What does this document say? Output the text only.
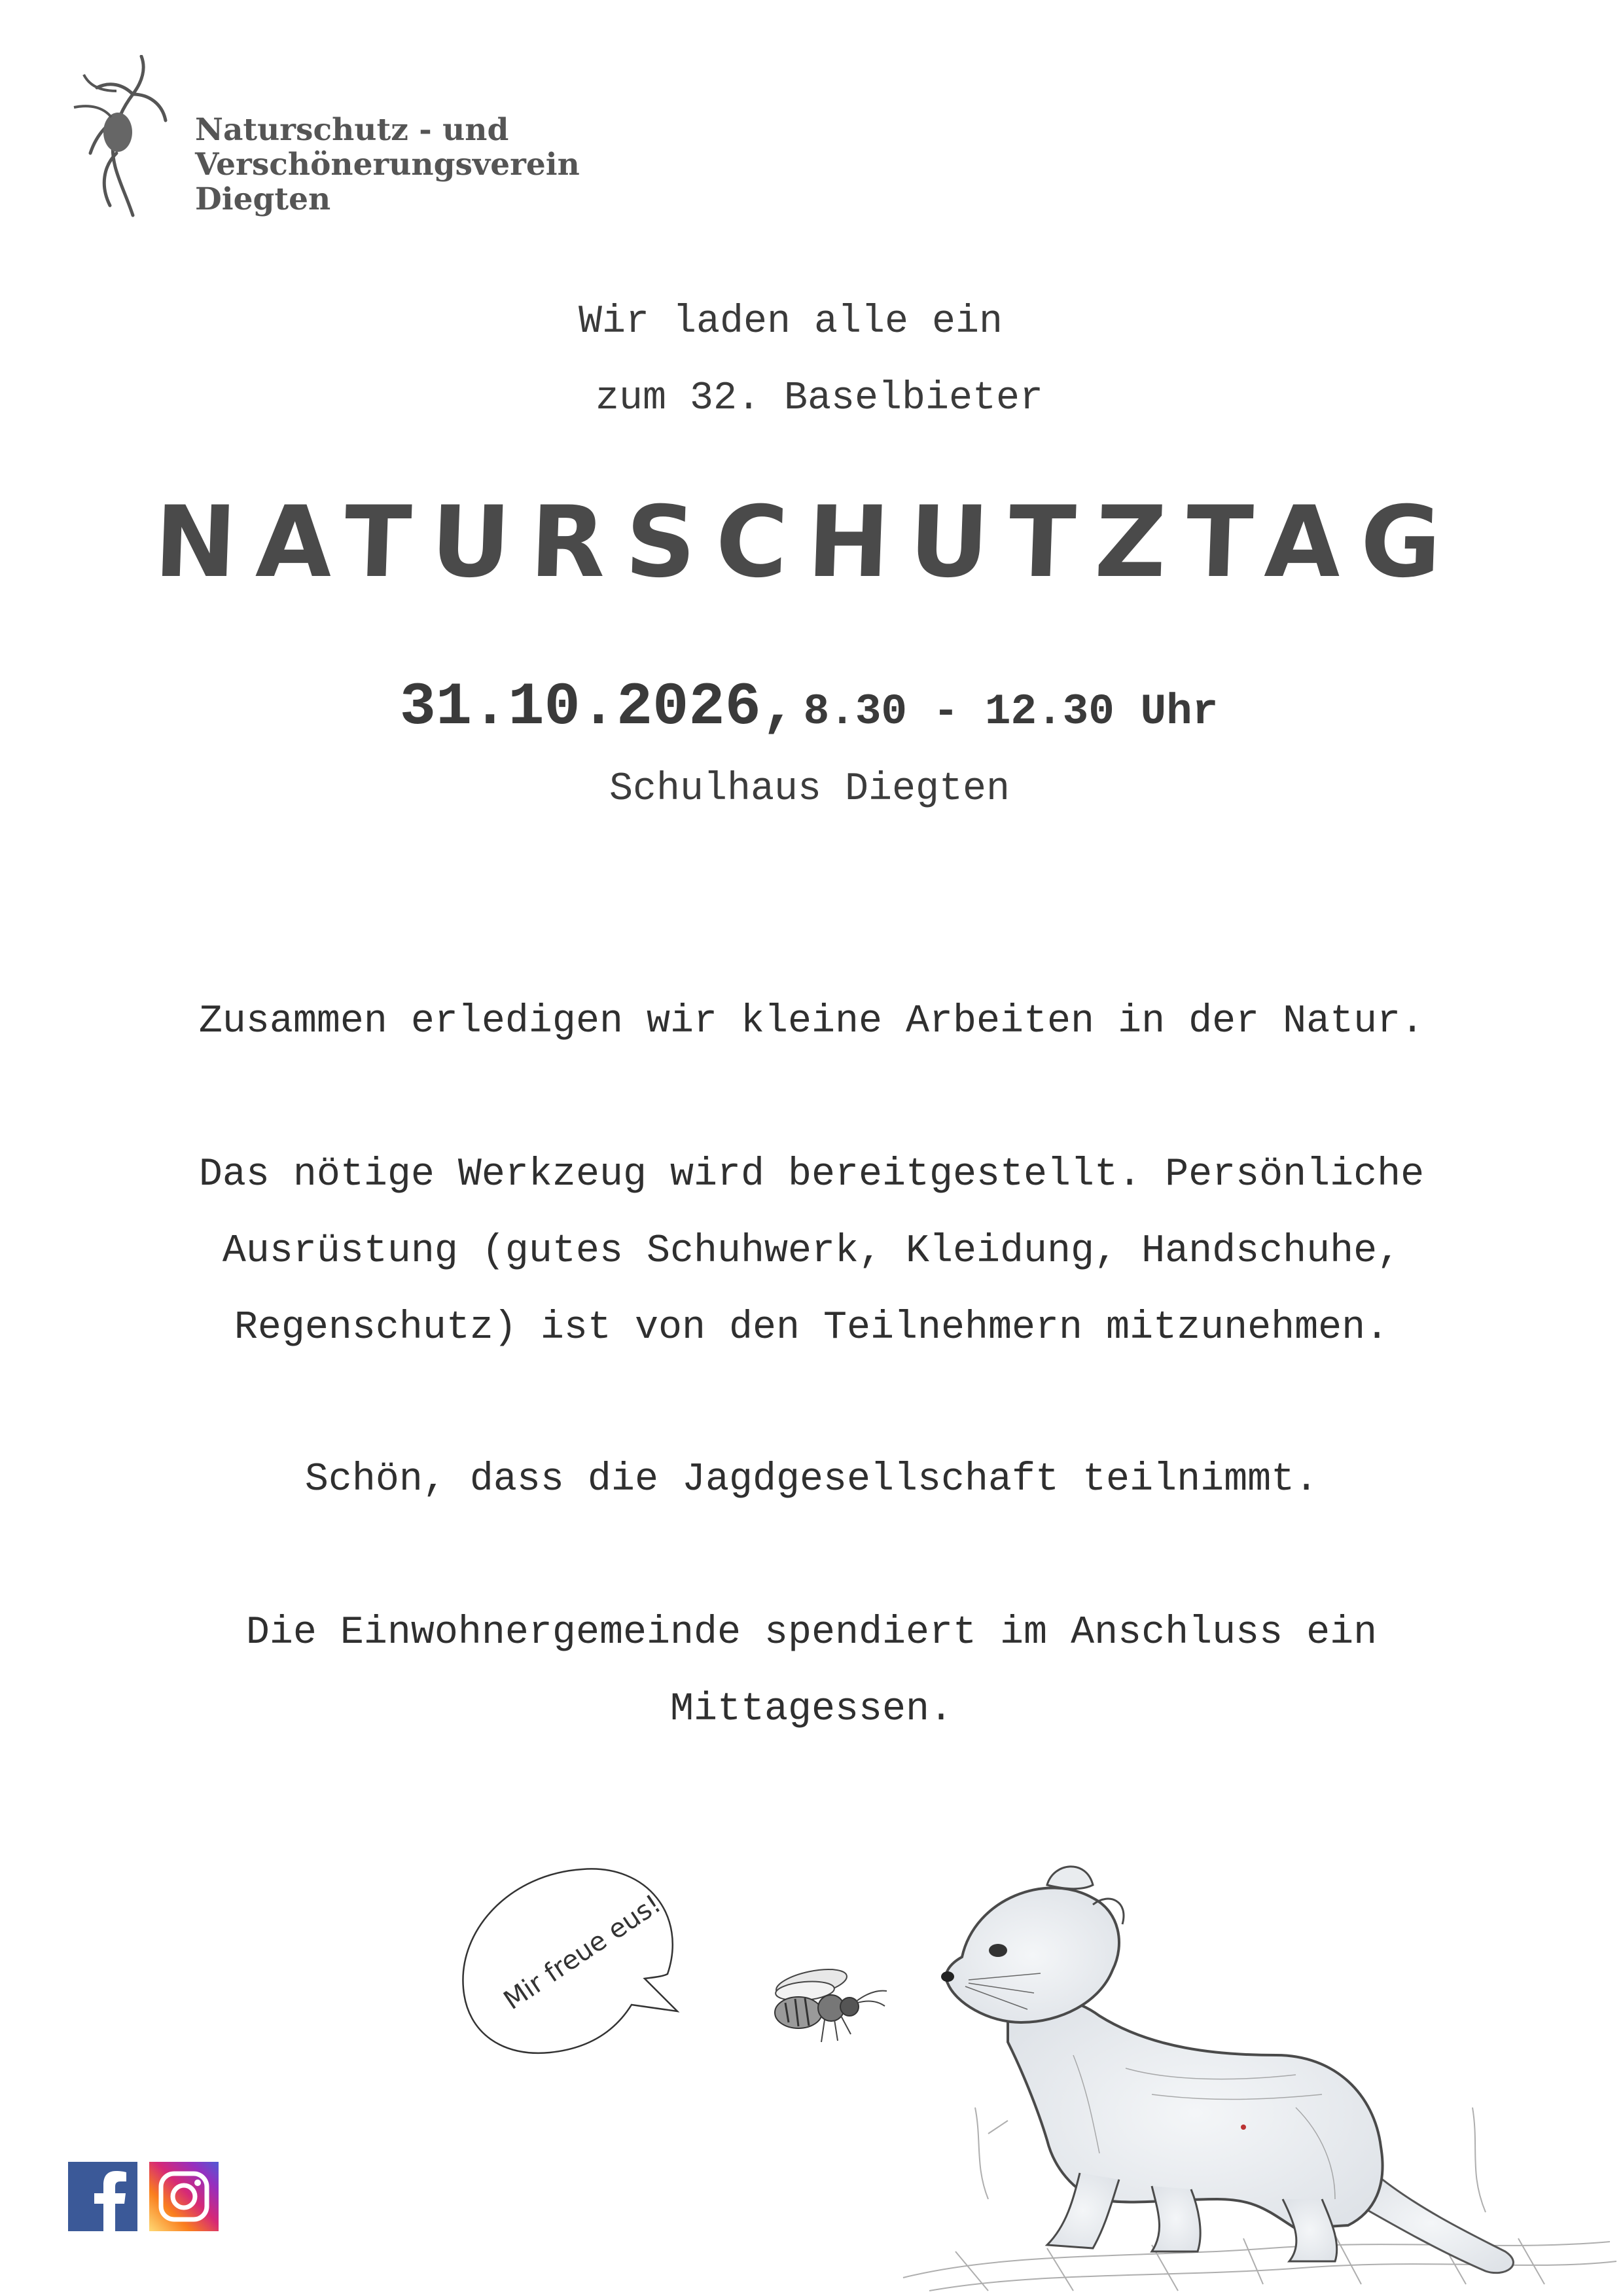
Naturschutz - und
Verschönerungsverein
Diegten
Wir laden alle ein
zum 32. Baselbieter
NATURSCHUTZTAG
31.10.2026, 8.30 - 12.30 Uhr
Schulhaus Diegten
Zusammen erledigen wir kleine Arbeiten in der Natur.
Das nötige Werkzeug wird bereitgestellt. Persönliche
Ausrüstung (gutes Schuhwerk, Kleidung, Handschuhe,
Regenschutz) ist von den Teilnehmern mitzunehmen.
Schön, dass die Jagdgesellschaft teilnimmt.
Die Einwohnergemeinde spendiert im Anschluss ein
Mittagessen.
Mir freue eus!
